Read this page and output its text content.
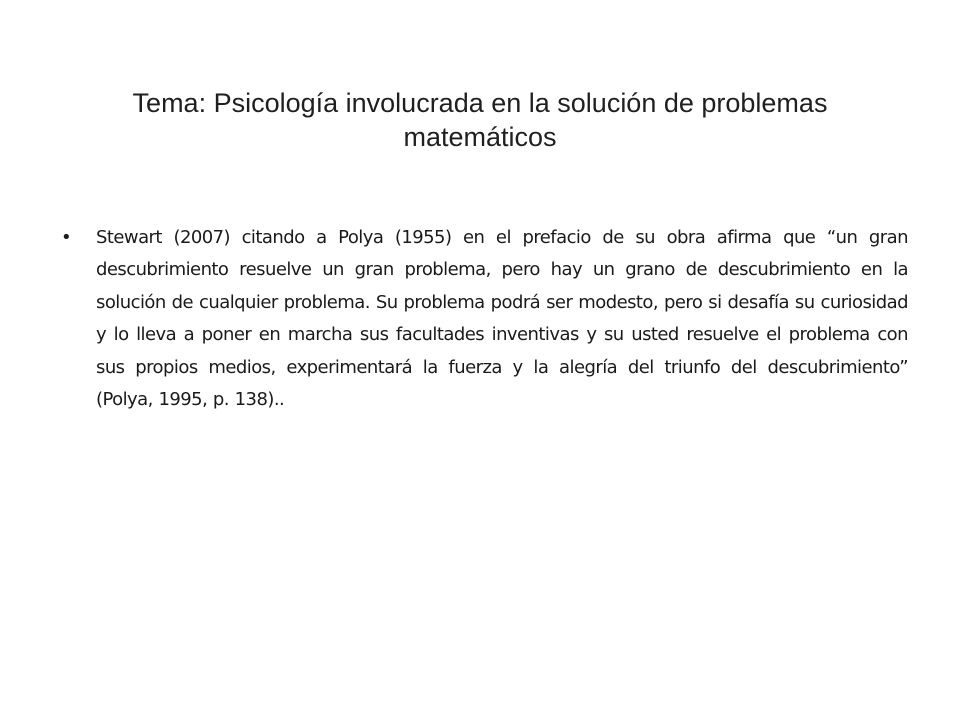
Tema: Psicología involucrada en la solución de problemas matemáticos
• Stewart (2007) citando a Polya (1955) en el prefacio de su obra afirma que “un gran descubrimiento resuelve un gran problema, pero hay un grano de descubrimiento en la solución de cualquier problema. Su problema podrá ser modesto, pero si desafía su curiosidad y lo lleva a poner en marcha sus facultades inventivas y su usted resuelve el problema con sus propios medios, experimentará la fuerza y la alegría del triunfo del descubrimiento” (Polya, 1995, p. 138)..
